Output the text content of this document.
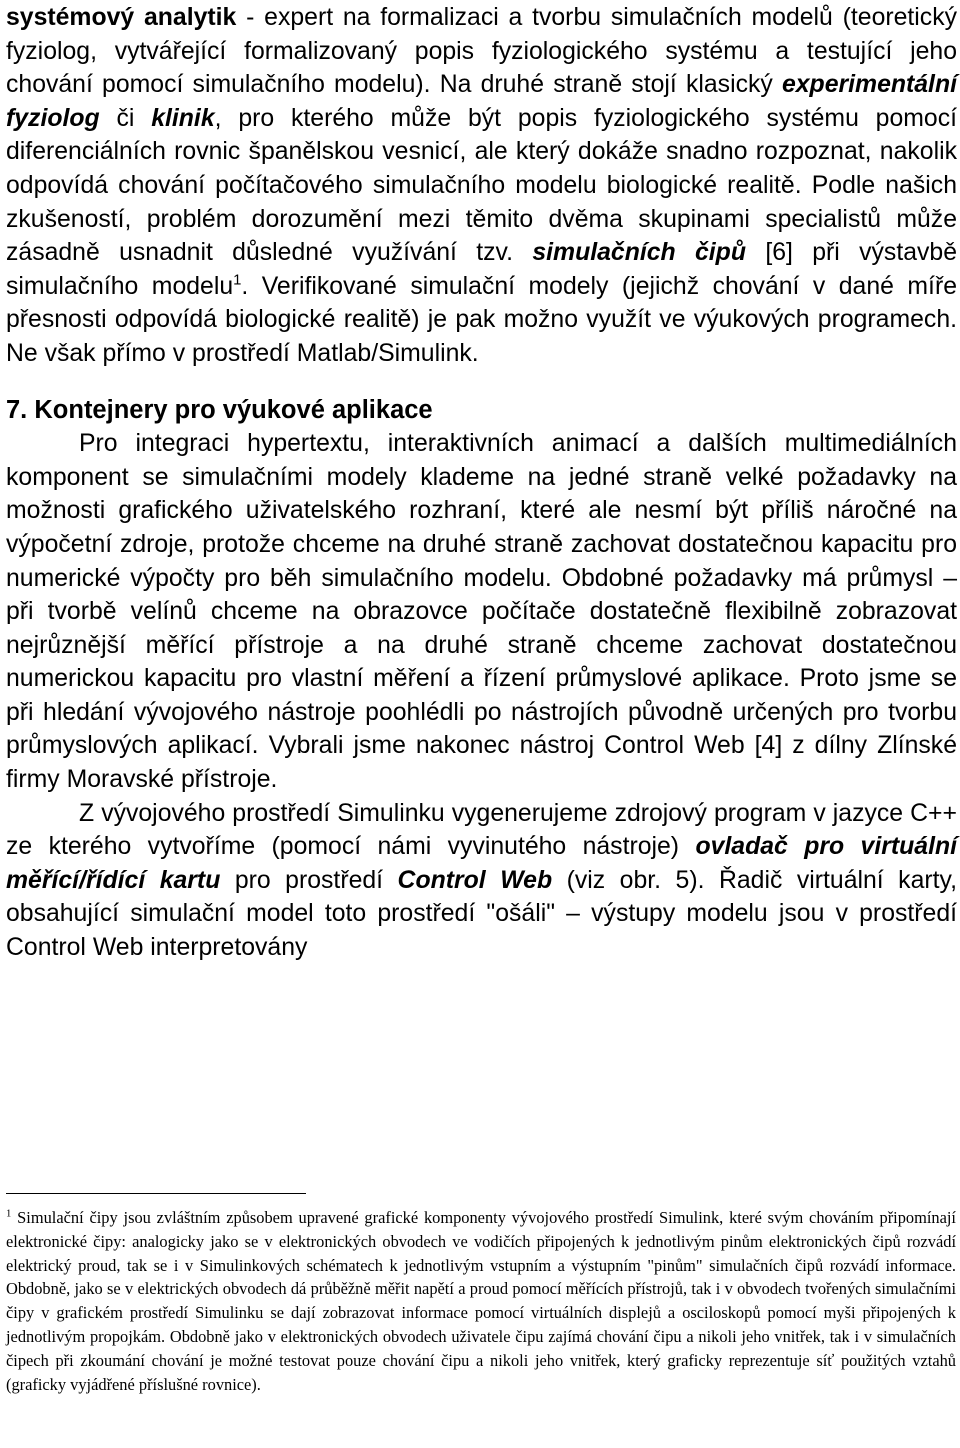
systémový analytik - expert na formalizaci a tvorbu simulačních modelů (teoretický fyziolog, vytvářející formalizovaný popis fyziologického systému a testující jeho chování pomocí simulačního modelu). Na druhé straně stojí klasický experimentální fyziolog či klinik, pro kterého může být popis fyziologického systému pomocí diferenciálních rovnic španělskou vesnicí, ale který dokáže snadno rozpoznat, nakolik odpovídá chování počítačového simulačního modelu biologické realitě. Podle našich zkušeností, problém dorozumění mezi těmito dvěma skupinami specialistů může zásadně usnadnit důsledné využívání tzv. simulačních čipů [6] při výstavbě simulačního modelu$^1$. Verifikované simulační modely (jejichž chování v dané míře přesnosti odpovídá biologické realitě) je pak možno využít ve výukových programech. Ne však přímo v prostředí Matlab/Simulink.

7. Kontejnery pro výukové aplikace

Pro integraci hypertextu, interaktivních animací a dalších multimediálních komponent se simulačními modely klademe na jedné straně velké požadavky na možnosti grafického uživatelského rozhraní, které ale nesmí být příliš náročné na výpočetní zdroje, protože chceme na druhé straně zachovat dostatečnou kapacitu pro numerické výpočty pro běh simulačního modelu. Obdobné požadavky má průmysl – při tvorbě velínů chceme na obrazovce počítače dostatečně flexibilně zobrazovat nejrůznější měřící přístroje a na druhé straně chceme zachovat dostatečnou numerickou kapacitu pro vlastní měření a řízení průmyslové aplikace. Proto jsme se při hledání vývojového nástroje poohlédli po nástrojích původně určených pro tvorbu průmyslových aplikací. Vybrali jsme nakonec nástroj Control Web [4] z dílny Zlínské firmy Moravské přístroje.

Z vývojového prostředí Simulinku vygenerujeme zdrojový program v jazyce C++ ze kterého vytvoříme (pomocí námi vyvinutého nástroje) ovladač pro virtuální měřící/řídící kartu pro prostředí Control Web (viz obr. 5). Řadič virtuální karty, obsahující simulační model toto prostředí "ošáli" – výstupy modelu jsou v prostředí Control Web interpretovány

$^1$ Simulační čipy jsou zvláštním způsobem upravené grafické komponenty vývojového prostředí Simulink, které svým chováním připomínají elektronické čipy: analogicky jako se v elektronických obvodech ve vodičích připojených k jednotlivým pinům elektronických čipů rozvádí elektrický proud, tak se i v Simulinkových schématech k jednotlivým vstupním a výstupním "pinům" simulačních čipů rozvádí informace. Obdobně, jako se v elektrických obvodech dá průběžně měřit napětí a proud pomocí měřících přístrojů, tak i v obvodech tvořených simulačními čipy v grafickém prostředí Simulinku se dají zobrazovat informace pomocí virtuálních displejů a osciloskopů pomocí myši připojených k jednotlivým propojkám. Obdobně jako v elektronických obvodech uživatele čipu zajímá chování čipu a nikoli jeho vnitřek, tak i v simulačních čipech při zkoumání chování je možné testovat pouze chování čipu a nikoli jeho vnitřek, který graficky reprezentuje síť použitých vztahů (graficky vyjádřené příslušné rovnice).
